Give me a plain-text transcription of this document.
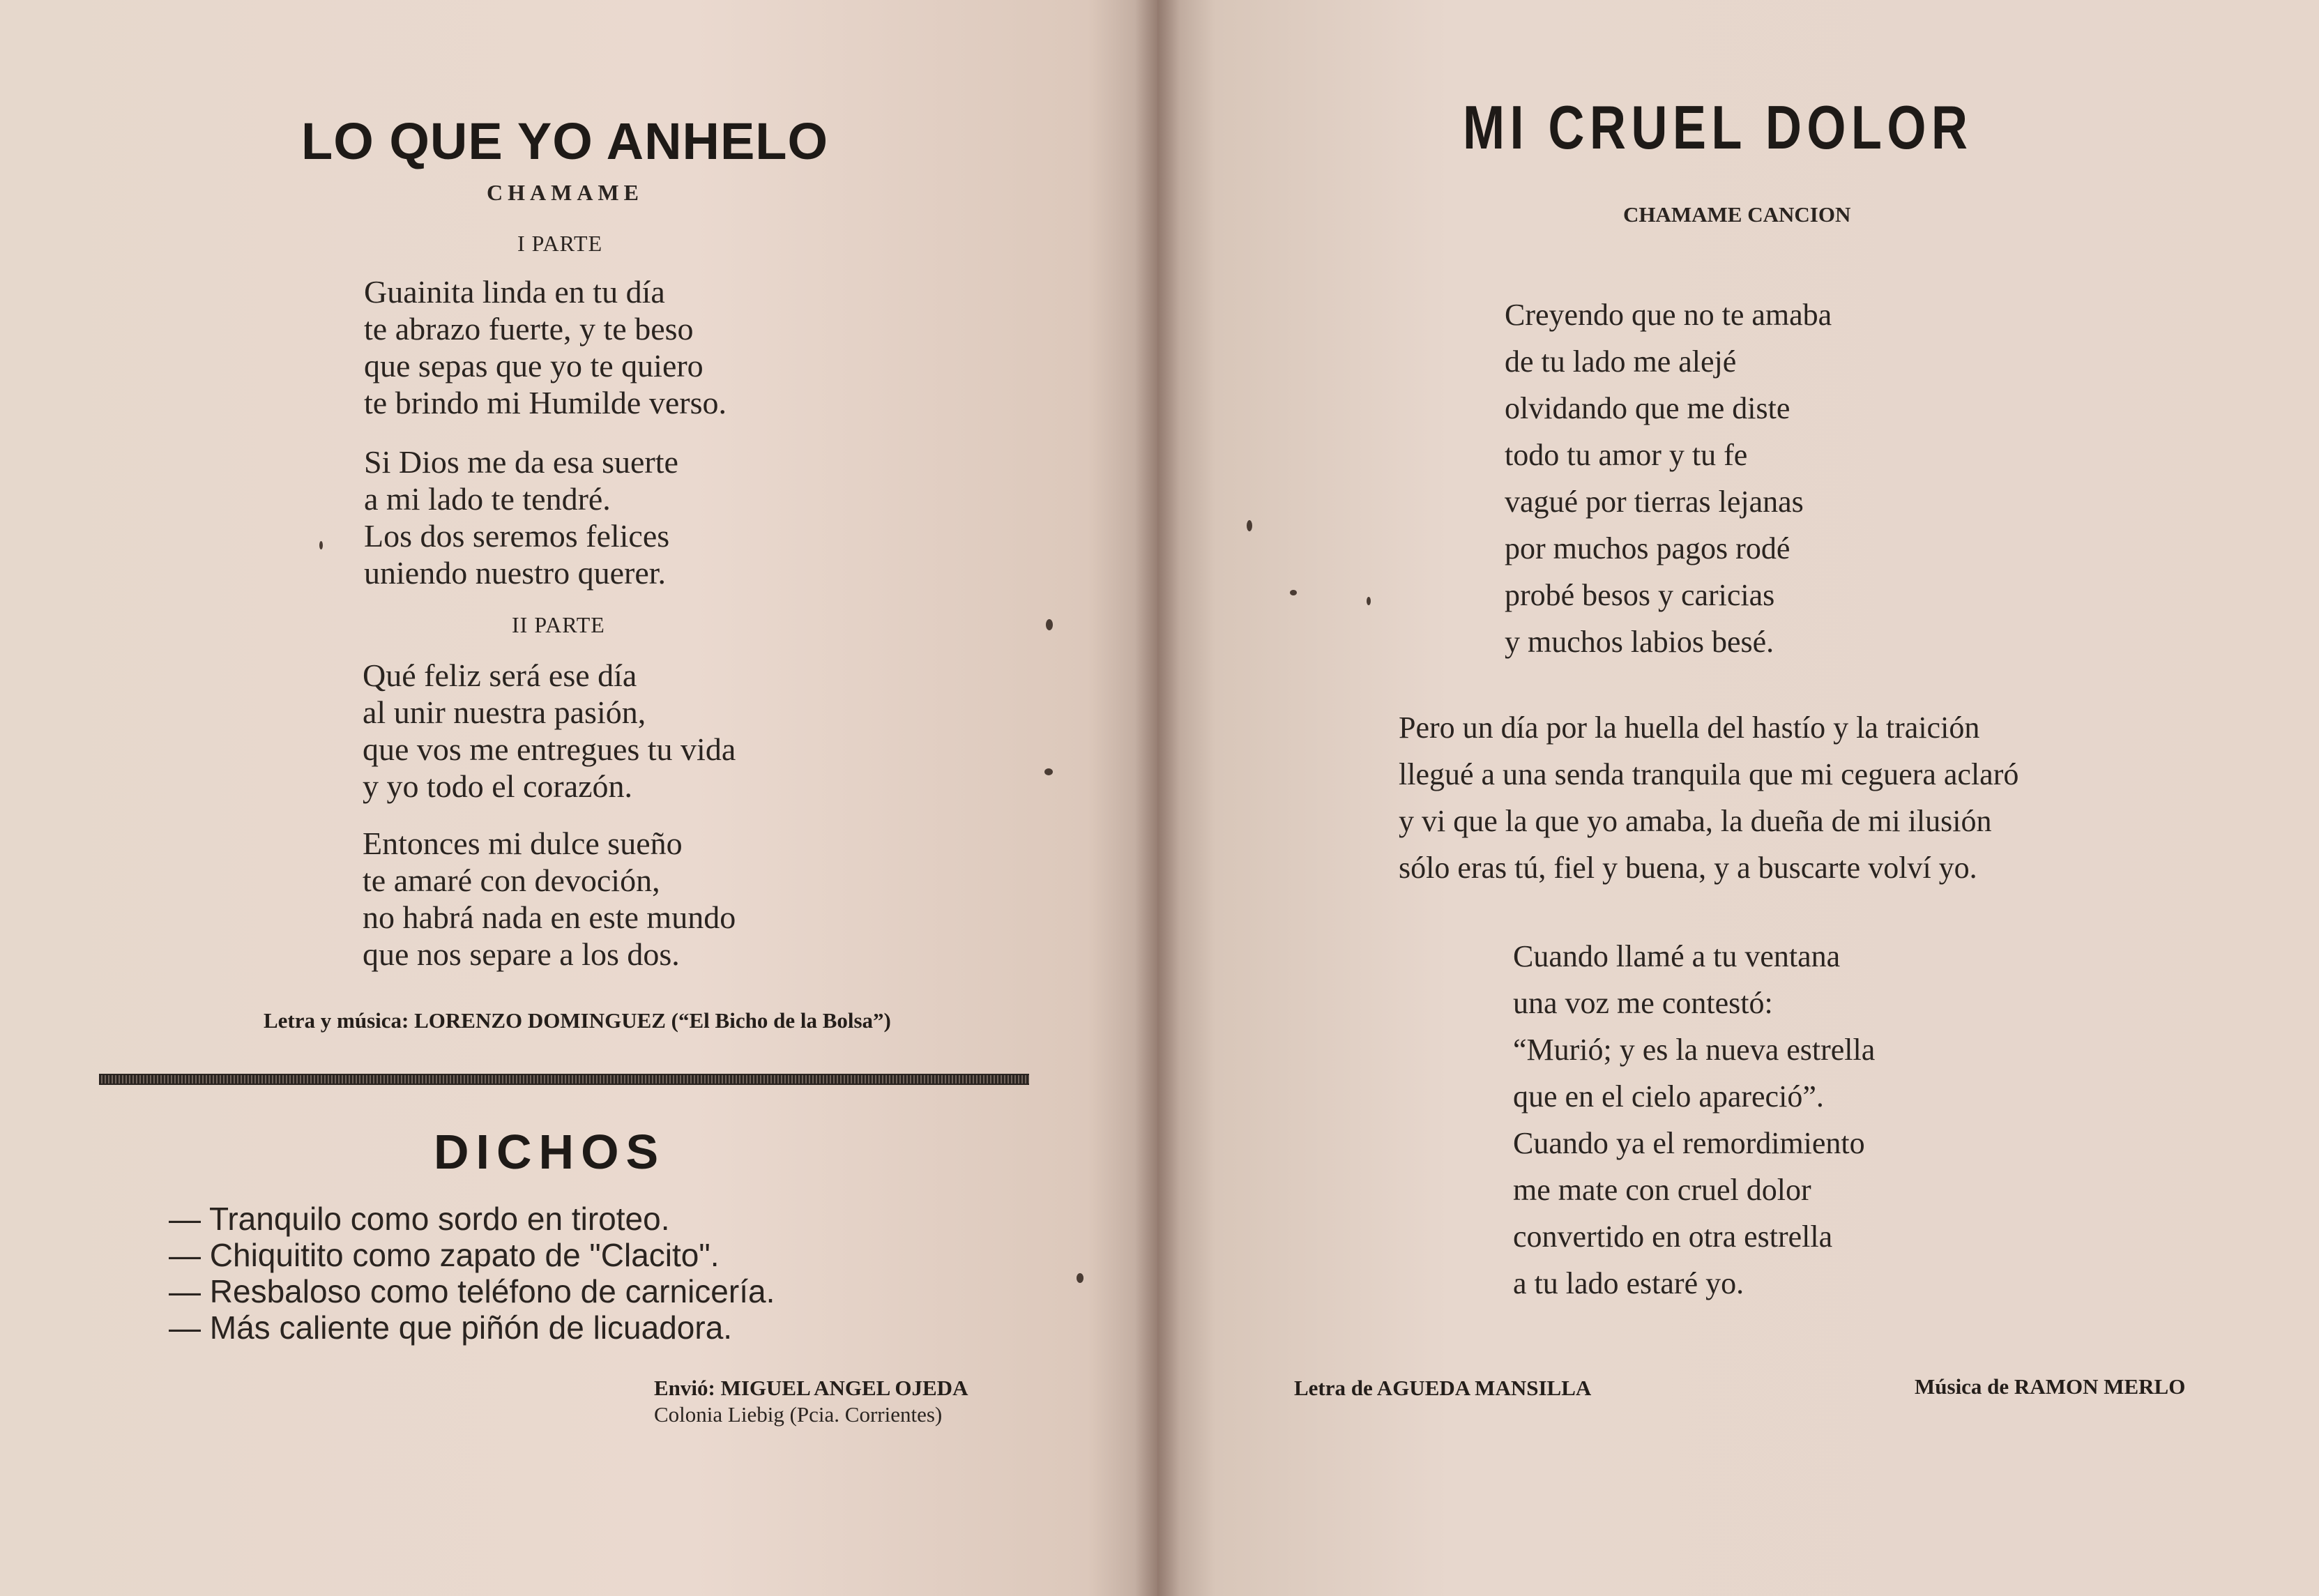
LO QUE YO ANHELO
CHAMAME
I PARTE
Guainita linda en tu día
te abrazo fuerte, y te beso
que sepas que yo te quiero
te brindo mi Humilde verso.
Si Dios me da esa suerte
a mi lado te tendré.
Los dos seremos felices
uniendo nuestro querer.
II PARTE
Qué feliz será ese día
al unir nuestra pasión,
que vos me entregues tu vida
y yo todo el corazón.
Entonces mi dulce sueño
te amaré con devoción,
no habrá nada en este mundo
que nos separe a los dos.
Letra y música: LORENZO DOMINGUEZ (“El Bicho de la Bolsa”)
DICHOS
— Tranquilo como sordo en tiroteo.
— Chiquitito como zapato de "Clacito".
— Resbaloso como teléfono de carnicería.
— Más caliente que piñón de licuadora.
Envió: MIGUEL ANGEL OJEDA
Colonia Liebig (Pcia. Corrientes)
MI CRUEL DOLOR
CHAMAME CANCION
Creyendo que no te amaba
de tu lado me alejé
olvidando que me diste
todo tu amor y tu fe
vagué por tierras lejanas
por muchos pagos rodé
probé besos y caricias
y muchos labios besé.
Pero un día por la huella del hastío y la traición
llegué a una senda tranquila que mi ceguera aclaró
y vi que la que yo amaba, la dueña de mi ilusión
sólo eras tú, fiel y buena, y a buscarte volví yo.
Cuando llamé a tu ventana
una voz me contestó:
“Murió; y es la nueva estrella
que en el cielo apareció”.
Cuando ya el remordimiento
me mate con cruel dolor
convertido en otra estrella
a tu lado estaré yo.
Letra de AGUEDA MANSILLA	Música de RAMON MERLO
